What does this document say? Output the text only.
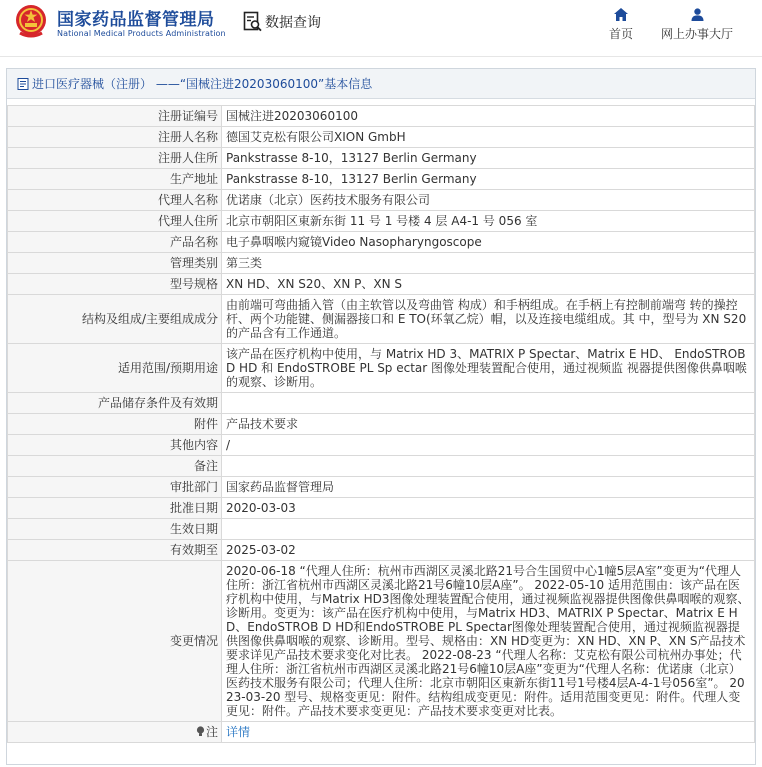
国家药品监督管理局
National Medical Products Administration
数据查询
首页	网上办事大厅
进口医疗器械（注册） ——“国械注进20203060100”基本信息
注册证编号	国械注进20203060100
注册人名称	德国艾克松有限公司XION GmbH
注册人住所	Pankstrasse 8-10，13127 Berlin Germany
生产地址	Pankstrasse 8-10，13127 Berlin Germany
代理人名称	优诺康（北京）医药技术服务有限公司
代理人住所	北京市朝阳区東新东街 11 号 1 号楼 4 层 A4-1 号 056 室
产品名称	电子鼻咽喉内窥镜Video Nasopharyngoscope
管理类别	第三类
型号规格	XN HD、XN S20、XN P、XN S
结构及组成/主要组成成分	由前端可弯曲插入管（由主软管以及弯曲管 构成）和手柄组成。在手柄上有控制前端弯 转的操控杆、两个功能键、侧漏器接口和 E TO(环氧乙烷）帽，以及连接电缆组成。其 中，型号为 XN S20 的产品含有工作通道。
适用范围/预期用途	该产品在医疗机构中使用，与 Matrix HD 3、MATRIX P Spectar、Matrix E HD、 EndoSTROB D HD 和 EndoSTROBE PL Sp ectar 图像处理装置配合使用，通过视频监 视器提供图像供鼻咽喉的观察、诊断用。
产品储存条件及有效期	
附件	产品技术要求
其他内容	/
备注	
审批部门	国家药品监督管理局
批准日期	2020-03-03
生效日期	
有效期至	2025-03-02
变更情况	2020-06-18 “代理人住所：杭州市西湖区灵溪北路21号合生国贸中心1幢5层A室”变更为“代理人住所：浙江省杭州市西湖区灵溪北路21号6幢10层A座”。 2022-05-10 适用范围由：该产品在医疗机构中使用，与Matrix HD3图像处理装置配合使用，通过视频监视器提供图像供鼻咽喉的观察、诊断用。变更为：该产品在医疗机构中使用，与Matrix HD3、MATRIX P Spectar、Matrix E HD、EndoSTROB D HD和EndoSTROBE PL Spectar图像处理装置配合使用，通过视频监视器提供图像供鼻咽喉的观察、诊断用。型号、规格由：XN HD变更为：XN HD、XN P、XN S产品技术要求详见产品技术要求变化对比表。 2022-08-23 “代理人名称：艾克松有限公司杭州办事处；代理人住所：浙江省杭州市西湖区灵溪北路21号6幢10层A座”变更为“代理人名称：优诺康（北京）医药技术服务有限公司；代理人住所：北京市朝阳区東新东街11号1号楼4层A-4-1号056室”。 2023-03-20 型号、规格变更见：附件。结构组成变更见：附件。适用范围变更见：附件。代理人变更见：附件。产品技术要求变更见：产品技术要求变更对比表。
注	详情
